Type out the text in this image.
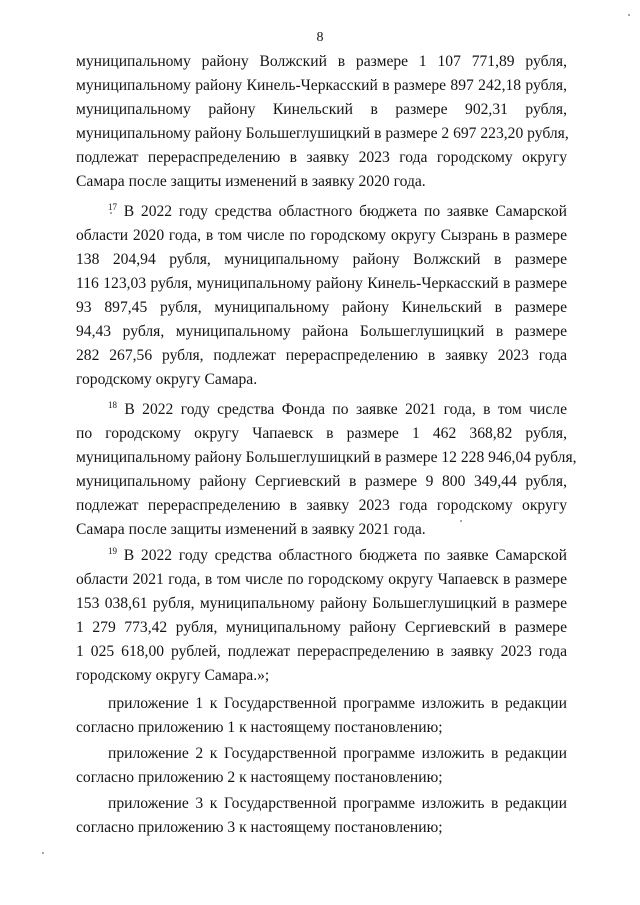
8
муниципальному району Волжский в размере 1 107 771,89 рубля,
муниципальному району Кинель-Черкасский в размере 897 242,18 рубля,
муниципальному району Кинельский в размере 902,31 рубля,
муниципальному району Большеглушицкий в размере 2 697 223,20 рубля,
подлежат перераспределению в заявку 2023 года городскому округу
Самара после защиты изменений в заявку 2020 года.
$^{17}$ В 2022 году средства областного бюджета по заявке Самарской
области 2020 года, в том числе по городскому округу Сызрань в размере
138 204,94 рубля, муниципальному району Волжский в размере
116 123,03 рубля, муниципальному району Кинель-Черкасский в размере
93 897,45 рубля, муниципальному району Кинельский в размере
94,43 рубля, муниципальному района Большеглушицкий в размере
282 267,56 рубля, подлежат перераспределению в заявку 2023 года
городскому округу Самара.
$^{18}$ В 2022 году средства Фонда по заявке 2021 года, в том числе
по городскому округу Чапаевск в размере 1 462 368,82 рубля,
муниципальному району Большеглушицкий в размере 12 228 946,04 рубля,
муниципальному району Сергиевский в размере 9 800 349,44 рубля,
подлежат перераспределению в заявку 2023 года городскому округу
Самара после защиты изменений в заявку 2021 года.
$^{19}$ В 2022 году средства областного бюджета по заявке Самарской
области 2021 года, в том числе по городскому округу Чапаевск в размере
153 038,61 рубля, муниципальному району Большеглушицкий в размере
1 279 773,42 рубля, муниципальному району Сергиевский в размере
1 025 618,00 рублей, подлежат перераспределению в заявку 2023 года
городскому округу Самара.»;
приложение 1 к Государственной программе изложить в редакции
согласно приложению 1 к настоящему постановлению;
приложение 2 к Государственной программе изложить в редакции
согласно приложению 2 к настоящему постановлению;
приложение 3 к Государственной программе изложить в редакции
согласно приложению 3 к настоящему постановлению;
